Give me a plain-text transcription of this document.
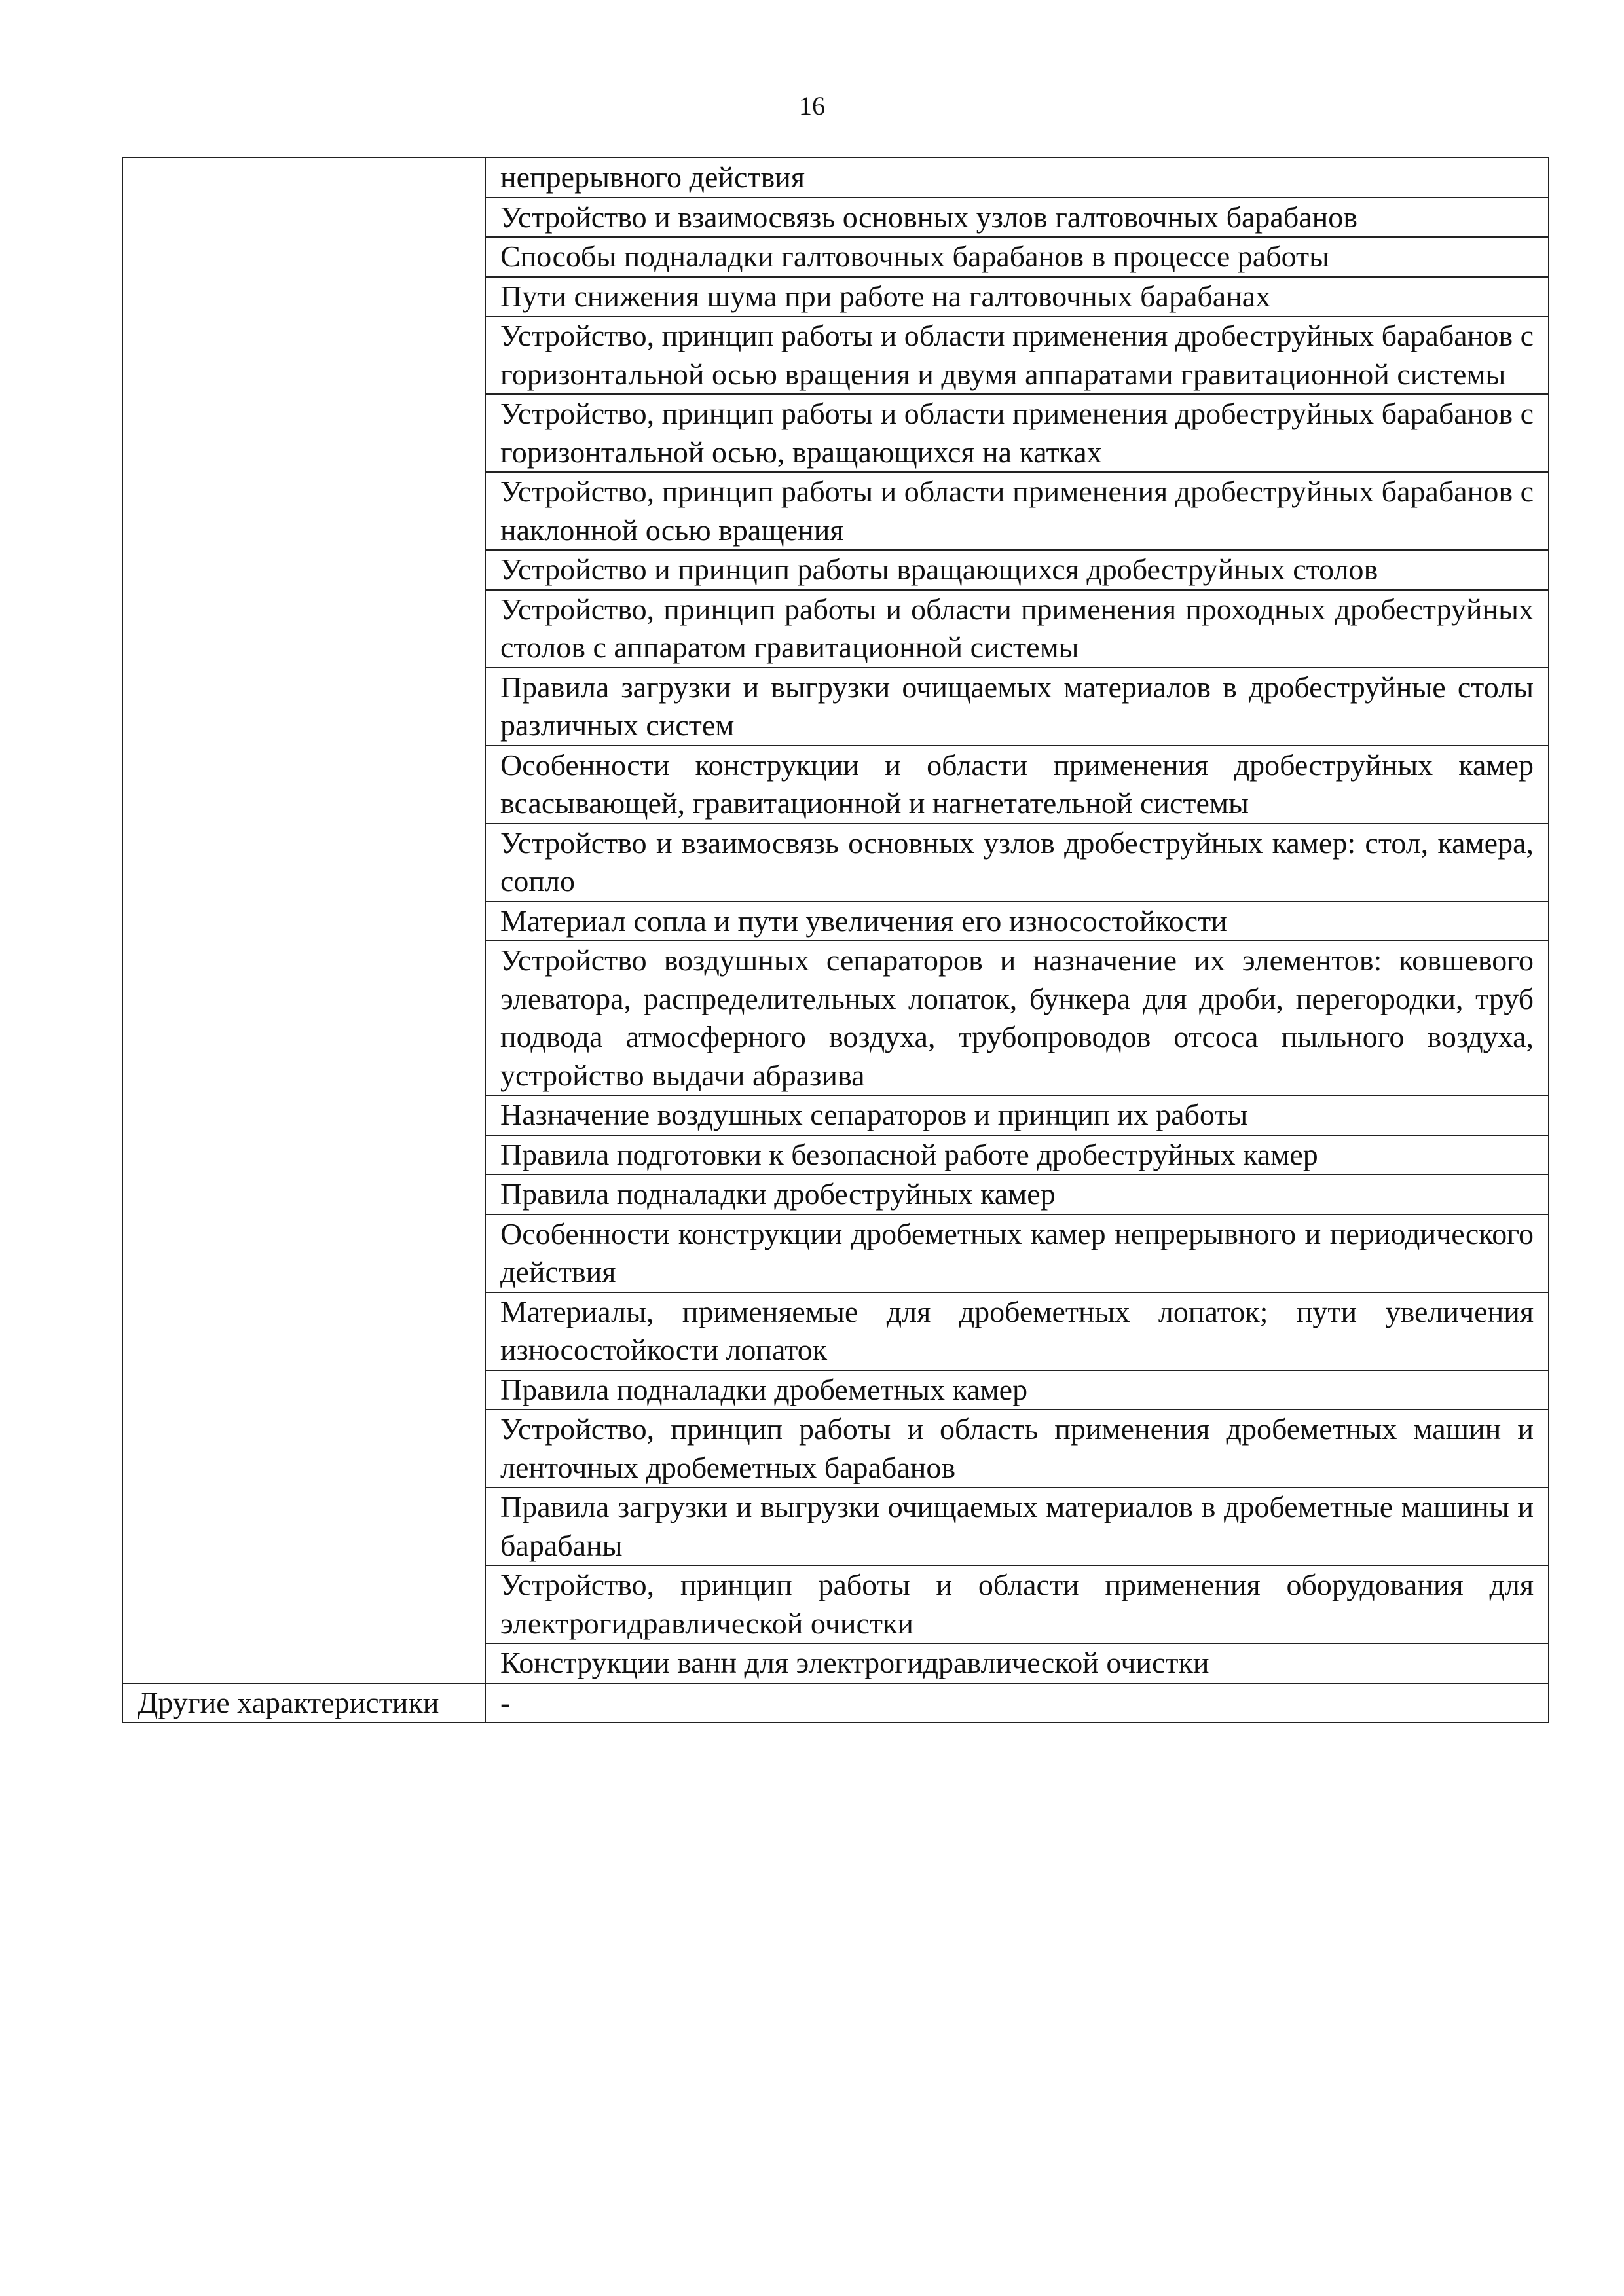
16
	непрерывного действия
	Устройство и взаимосвязь основных узлов галтовочных барабанов
	Способы подналадки галтовочных барабанов в процессе работы
	Пути снижения шума при работе на галтовочных барабанах
	Устройство, принцип работы и области применения дробеструйных барабанов с горизонтальной осью вращения и двумя аппаратами гравитационной системы
	Устройство, принцип работы и области применения дробеструйных барабанов с горизонтальной осью, вращающихся на катках
	Устройство, принцип работы и области применения дробеструйных барабанов с наклонной осью вращения
	Устройство и принцип работы вращающихся дробеструйных столов
	Устройство, принцип работы и области применения проходных дробеструйных столов с аппаратом гравитационной системы
	Правила загрузки и выгрузки очищаемых материалов в дробеструйные столы различных систем
	Особенности конструкции и области применения дробеструйных камер всасывающей, гравитационной и нагнетательной системы
	Устройство и взаимосвязь основных узлов дробеструйных камер: стол, камера, сопло
	Материал сопла и пути увеличения его износостойкости
	Устройство воздушных сепараторов и назначение их элементов: ковшевого элеватора, распределительных лопаток, бункера для дроби, перегородки, труб подвода атмосферного воздуха, трубопроводов отсоса пыльного воздуха, устройство выдачи абразива
	Назначение воздушных сепараторов и принцип их работы
	Правила подготовки к безопасной работе дробеструйных камер
	Правила подналадки дробеструйных камер
	Особенности конструкции дробеметных камер непрерывного и периодического действия
	Материалы, применяемые для дробеметных лопаток; пути увеличения износостойкости лопаток
	Правила подналадки дробеметных камер
	Устройство, принцип работы и область применения дробеметных машин и ленточных дробеметных барабанов
	Правила загрузки и выгрузки очищаемых материалов в дробеметные машины и барабаны
	Устройство, принцип работы и области применения оборудования для электрогидравлической очистки
	Конструкции ванн для электрогидравлической очистки
Другие характеристики	-
